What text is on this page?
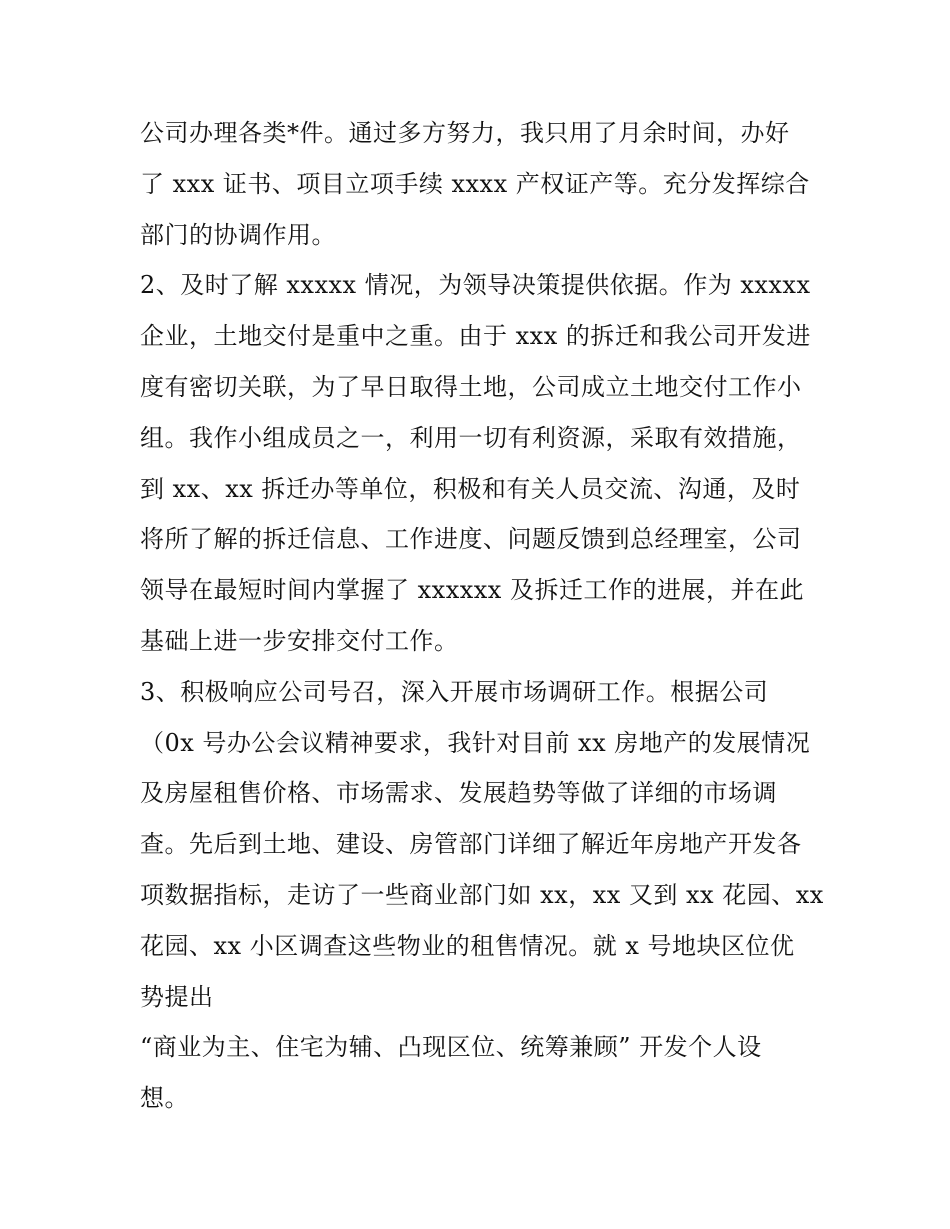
公司办理各类*件。通过多方努力，我只用了月余时间，办好
了 xxx 证书、项目立项手续 xxxx 产权证产等。充分发挥综合
部门的协调作用。
2、及时了解 xxxxx 情况，为领导决策提供依据。作为 xxxxx
企业，土地交付是重中之重。由于 xxx 的拆迁和我公司开发进
度有密切关联，为了早日取得土地，公司成立土地交付工作小
组。我作小组成员之一，利用一切有利资源，采取有效措施，
到 xx、xx 拆迁办等单位，积极和有关人员交流、沟通，及时
将所了解的拆迁信息、工作进度、问题反馈到总经理室，公司
领导在最短时间内掌握了 xxxxxx 及拆迁工作的进展，并在此
基础上进一步安排交付工作。
3、积极响应公司号召，深入开展市场调研工作。根据公司
（0x 号办公会议精神要求，我针对目前 xx 房地产的发展情况
及房屋租售价格、市场需求、发展趋势等做了详细的市场调
查。先后到土地、建设、房管部门详细了解近年房地产开发各
项数据指标，走访了一些商业部门如 xx，xx 又到 xx 花园、xx
花园、xx 小区调查这些物业的租售情况。就 x 号地块区位优
势提出
“商业为主、住宅为辅、凸现区位、统筹兼顾” 开发个人设
想。
